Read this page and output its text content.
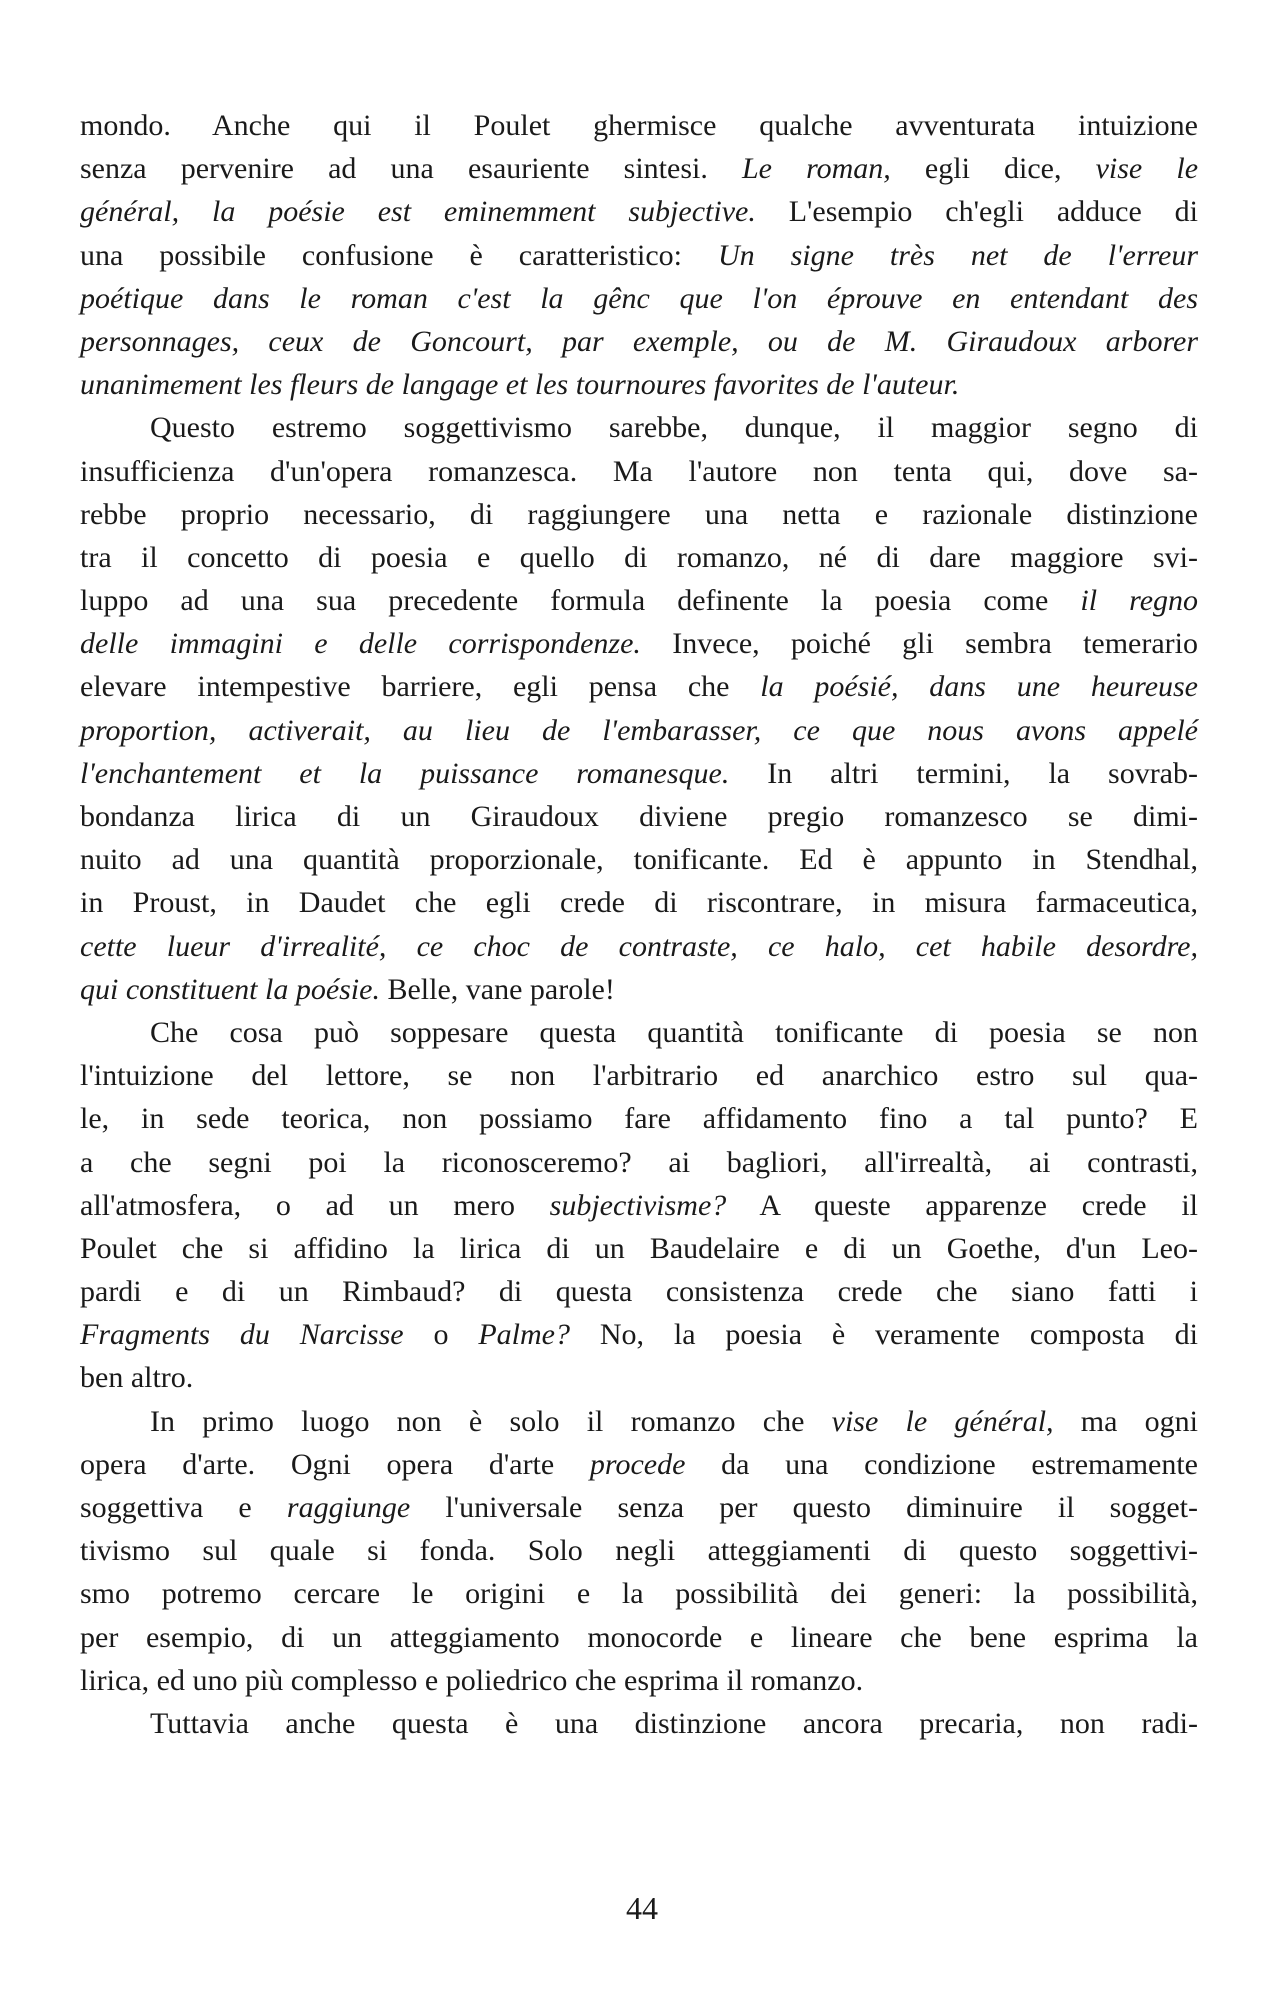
mondo. Anche qui il Poulet ghermisce qualche avventurata intuizione
senza pervenire ad una esauriente sintesi. Le roman, egli dice, vise le
général, la poésie est eminemment subjective. L'esempio ch'egli adduce di
una possibile confusione è caratteristico: Un signe très net de l'erreur
poétique dans le roman c'est la gênc que l'on éprouve en entendant des
personnages, ceux de Goncourt, par exemple, ou de M. Giraudoux arborer
unanimement les fleurs de langage et les tournoures favorites de l'auteur.
Questo estremo soggettivismo sarebbe, dunque, il maggior segno di
insufficienza d'un'opera romanzesca. Ma l'autore non tenta qui, dove sa-
rebbe proprio necessario, di raggiungere una netta e razionale distinzione
tra il concetto di poesia e quello di romanzo, né di dare maggiore svi-
luppo ad una sua precedente formula definente la poesia come il regno
delle immagini e delle corrispondenze. Invece, poiché gli sembra temerario
elevare intempestive barriere, egli pensa che la poésié, dans une heureuse
proportion, activerait, au lieu de l'embarasser, ce que nous avons appelé
l'enchantement et la puissance romanesque. In altri termini, la sovrab-
bondanza lirica di un Giraudoux diviene pregio romanzesco se dimi-
nuito ad una quantità proporzionale, tonificante. Ed è appunto in Stendhal,
in Proust, in Daudet che egli crede di riscontrare, in misura farmaceutica,
cette lueur d'irrealité, ce choc de contraste, ce halo, cet habile desordre,
qui constituent la poésie. Belle, vane parole!
Che cosa può soppesare questa quantità tonificante di poesia se non
l'intuizione del lettore, se non l'arbitrario ed anarchico estro sul qua-
le, in sede teorica, non possiamo fare affidamento fino a tal punto? E
a che segni poi la riconosceremo? ai bagliori, all'irrealtà, ai contrasti,
all'atmosfera, o ad un mero subjectivisme? A queste apparenze crede il
Poulet che si affidino la lirica di un Baudelaire e di un Goethe, d'un Leo-
pardi e di un Rimbaud? di questa consistenza crede che siano fatti i
Fragments du Narcisse o Palme? No, la poesia è veramente composta di
ben altro.
In primo luogo non è solo il romanzo che vise le général, ma ogni
opera d'arte. Ogni opera d'arte procede da una condizione estremamente
soggettiva e raggiunge l'universale senza per questo diminuire il sogget-
tivismo sul quale si fonda. Solo negli atteggiamenti di questo soggettivi-
smo potremo cercare le origini e la possibilità dei generi: la possibilità,
per esempio, di un atteggiamento monocorde e lineare che bene esprima la
lirica, ed uno più complesso e poliedrico che esprima il romanzo.
Tuttavia anche questa è una distinzione ancora precaria, non radi-
44
